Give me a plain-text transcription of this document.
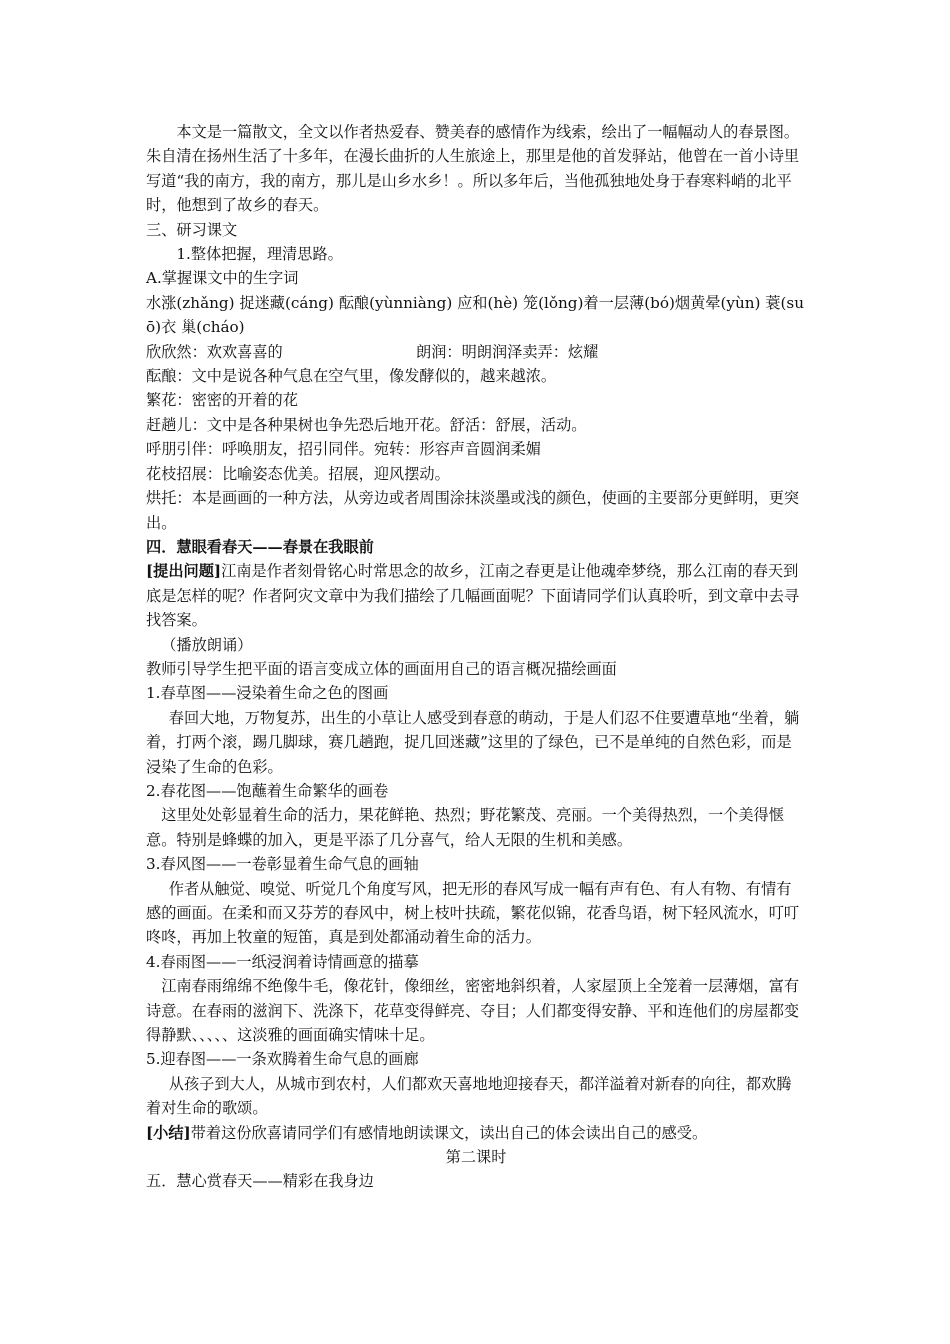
本文是一篇散文，全文以作者热爱春、赞美春的感情作为线索，绘出了一幅幅动人的春景图。朱自清在扬州生活了十多年，在漫长曲折的人生旅途上，那里是他的首发驿站，他曾在一首小诗里写道“我的南方，我的南方，那儿是山乡水乡！。所以多年后，当他孤独地处身于春寒料峭的北平时，他想到了故乡的春天。

三、研习课文

1.整体把握，理清思路。

A.掌握课文中的生字词

水涨(zhǎng) 捉迷藏(cáng) 酝酿(yùnniàng) 应和(hè) 笼(lǒng)着一层薄(bó)烟黄晕(yùn) 蓑(suō)衣 巢(cháo)

欣欣然：欢欢喜喜的	朗润：明朗润泽卖弄：炫耀

酝酿：文中是说各种气息在空气里，像发酵似的，越来越浓。

繁花：密密的开着的花

赶趟儿：文中是各种果树也争先恐后地开花。舒活：舒展，活动。

呼朋引伴：呼唤朋友，招引同伴。宛转：形容声音圆润柔媚

花枝招展：比喻姿态优美。招展，迎风摆动。

烘托：本是画画的一种方法，从旁边或者周围涂抹淡墨或浅的颜色，使画的主要部分更鲜明，更突出。

四．慧眼看春天——春景在我眼前

[提出问题]江南是作者刻骨铭心时常思念的故乡，江南之春更是让他魂牵梦绕，那么江南的春天到底是怎样的呢？作者阿灾文章中为我们描绘了几幅画面呢？下面请同学们认真聆听，到文章中去寻找答案。

（播放朗诵）

教师引导学生把平面的语言变成立体的画面用自己的语言概况描绘画面

1.春草图——浸染着生命之色的图画

春回大地，万物复苏，出生的小草让人感受到春意的萌动，于是人们忍不住要遭草地“坐着，躺着，打两个滚，踢几脚球，赛几趟跑，捉几回迷藏”这里的了绿色，已不是单纯的自然色彩，而是浸染了生命的色彩。

2.春花图——饱蘸着生命繁华的画卷

这里处处彰显着生命的活力，果花鲜艳、热烈；野花繁茂、亮丽。一个美得热烈，一个美得惬意。特别是蜂蝶的加入，更是平添了几分喜气，给人无限的生机和美感。

3.春风图——一卷彰显着生命气息的画轴

作者从触觉、嗅觉、听觉几个角度写风，把无形的春风写成一幅有声有色、有人有物、有情有感的画面。在柔和而又芬芳的春风中，树上枝叶扶疏，繁花似锦，花香鸟语，树下轻风流水，叮叮咚咚，再加上牧童的短笛，真是到处都涌动着生命的活力。

4.春雨图——一纸浸润着诗情画意的描摹

江南春雨绵绵不绝像牛毛，像花针，像细丝，密密地斜织着，人家屋顶上全笼着一层薄烟，富有诗意。在春雨的滋润下、洗涤下，花草变得鲜亮、夺目；人们都变得安静、平和连他们的房屋都变得静默、、、、、这淡雅的画面确实情味十足。

5.迎春图——一条欢腾着生命气息的画廊

从孩子到大人，从城市到农村，人们都欢天喜地地迎接春天，都洋溢着对新春的向往，都欢腾着对生命的歌颂。

[小结]带着这份欣喜请同学们有感情地朗读课文，读出自己的体会读出自己的感受。

第二课时

五．慧心赏春天——精彩在我身边
